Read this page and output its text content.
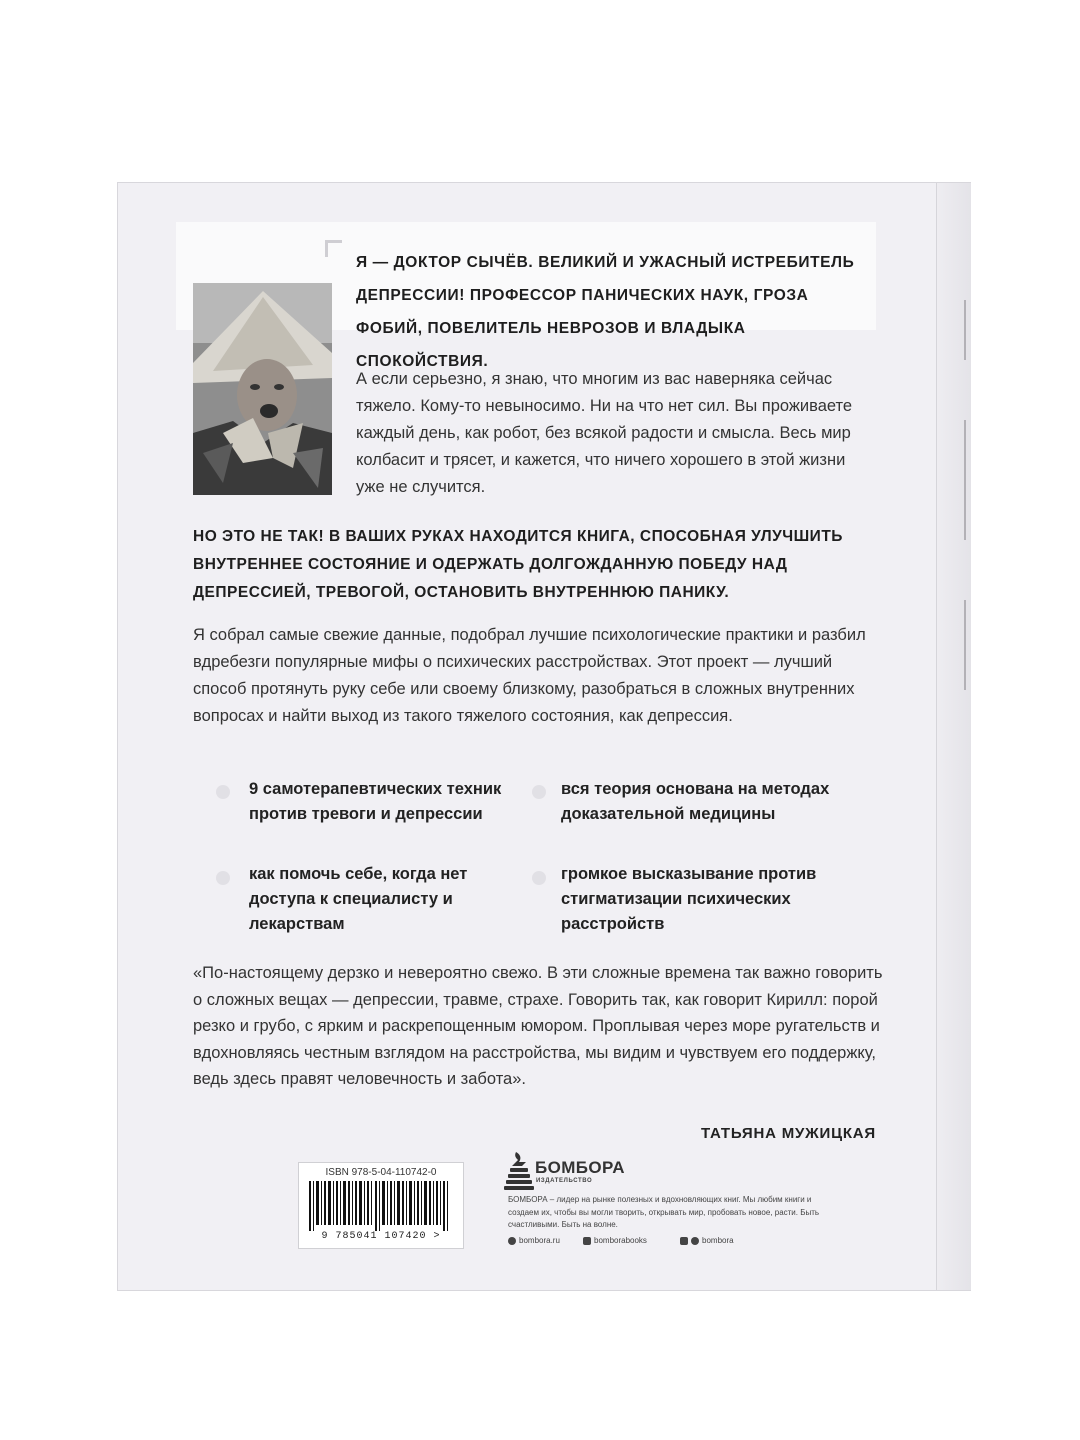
Я — ДОКТОР СЫЧЁВ. ВЕЛИКИЙ И УЖАСНЫЙ ИСТРЕБИТЕЛЬ ДЕПРЕССИИ! ПРОФЕССОР ПАНИЧЕСКИХ НАУК, ГРОЗА ФОБИЙ, ПОВЕЛИТЕЛЬ НЕВРОЗОВ И ВЛАДЫКА СПОКОЙСТВИЯ.

А если серьезно, я знаю, что многим из вас наверняка сейчас тяжело. Кому-то невыносимо. Ни на что нет сил. Вы проживаете каждый день, как робот, без всякой радости и смысла. Весь мир колбасит и трясет, и кажется, что ничего хорошего в этой жизни уже не случится.

НО ЭТО НЕ ТАК! В ВАШИХ РУКАХ НАХОДИТСЯ КНИГА, СПОСОБНАЯ УЛУЧШИТЬ ВНУТРЕННЕЕ СОСТОЯНИЕ И ОДЕРЖАТЬ ДОЛГОЖДАННУЮ ПОБЕДУ НАД ДЕПРЕССИЕЙ, ТРЕВОГОЙ, ОСТАНОВИТЬ ВНУТРЕННЮЮ ПАНИКУ.

Я собрал самые свежие данные, подобрал лучшие психологические практики и разбил вдребезги популярные мифы о психических расстройствах. Этот проект — лучший способ протянуть руку себе или своему близкому, разобраться в сложных внутренних вопросах и найти выход из такого тяжелого состояния, как депрессия.

9 самотерапевтических техник против тревоги и депрессии
вся теория основана на методах доказательной медицины
как помочь себе, когда нет доступа к специалисту и лекарствам
громкое высказывание против стигматизации психических расстройств

«По-настоящему дерзко и невероятно свежо. В эти сложные времена так важно говорить о сложных вещах — депрессии, травме, страхе. Говорить так, как говорит Кирилл: порой резко и грубо, с ярким и раскрепощенным юмором. Проплывая через море ругательств и вдохновляясь честным взглядом на расстройства, мы видим и чувствуем его поддержку, ведь здесь правят человечность и забота».

ТАТЬЯНА МУЖИЦКАЯ
ISBN 978-5-04-110742-0
9 785041 107420 >
БОМБОРА
ИЗДАТЕЛЬСТВО

БОМБОРА – лидер на рынке полезных и вдохновляющих книг. Мы любим книги и создаем их, чтобы вы могли творить, открывать мир, пробовать новое, расти. Быть счастливыми. Быть на волне.

bombora.ru	bomborabooks	bombora
